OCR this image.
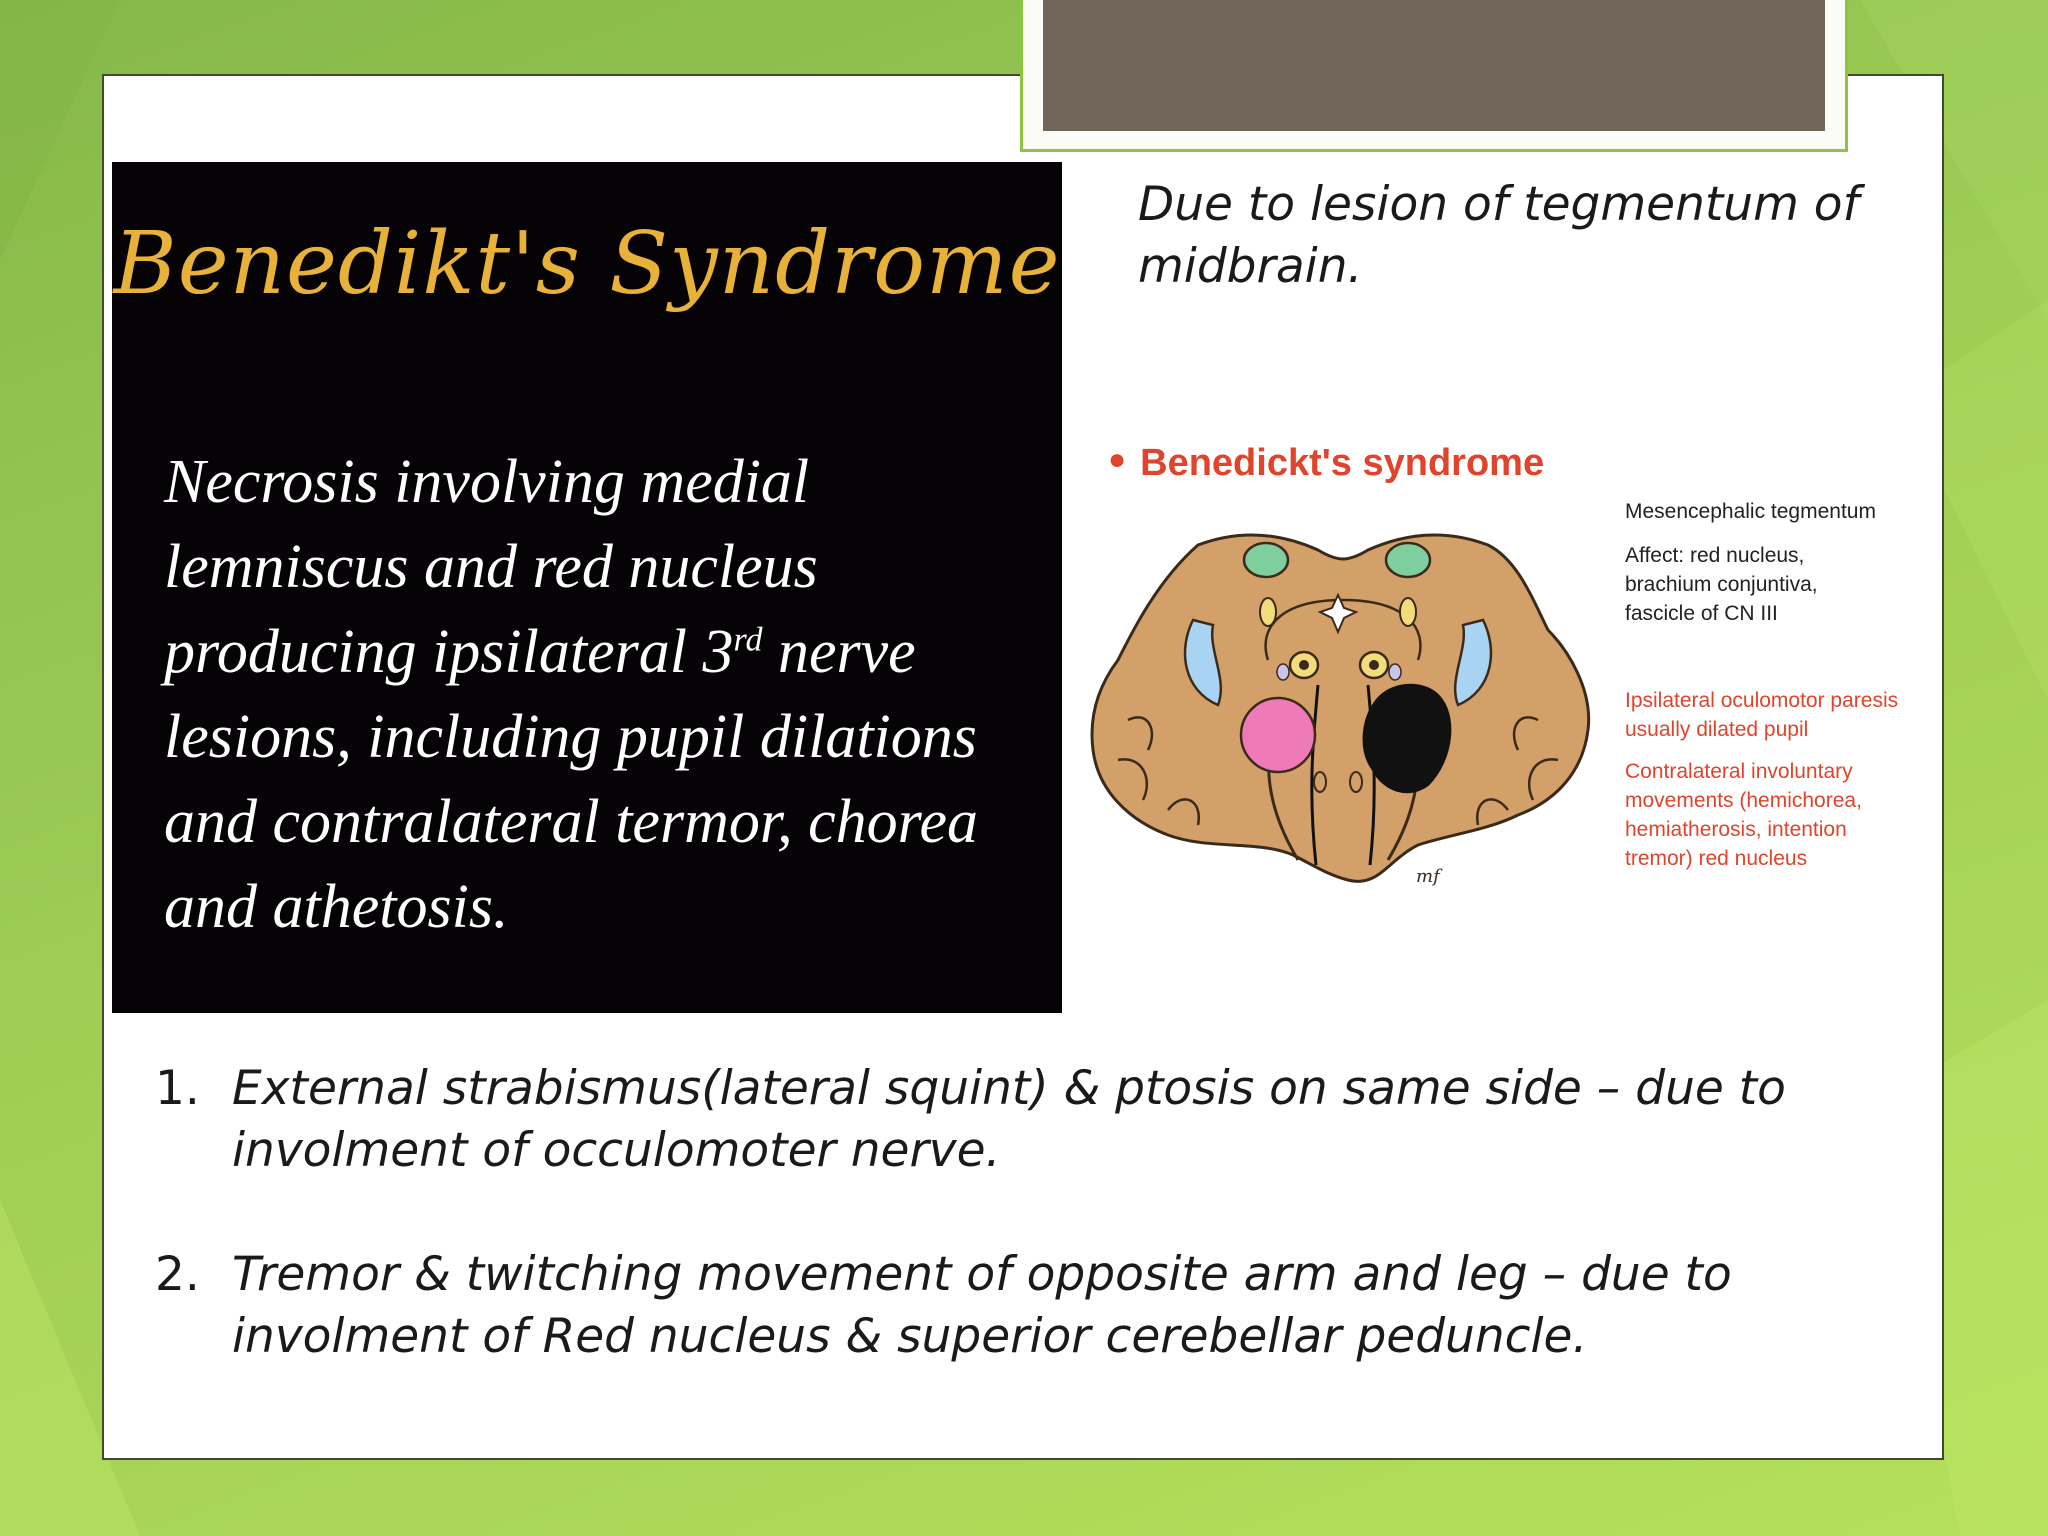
Benedikt's Syndrome
Necrosis involving medial lemniscus and red nucleus producing ipsilateral 3rd nerve lesions, including pupil dilations and contralateral termor, chorea and athetosis.
Due to lesion of tegmentum of midbrain.
● Benedickt's syndrome
Mesencephalic tegmentum
Affect: red nucleus, brachium conjuntiva, fascicle of CN III
Ipsilateral oculomotor paresis usually dilated pupil
Contralateral involuntary movements (hemichorea, hemiatherosis, intention tremor) red nucleus
mf
1. External strabismus(lateral squint) & ptosis on same side – due to involment of occulomoter nerve.
2. Tremor & twitching movement of opposite arm and leg – due to involment of Red nucleus & superior cerebellar peduncle.
